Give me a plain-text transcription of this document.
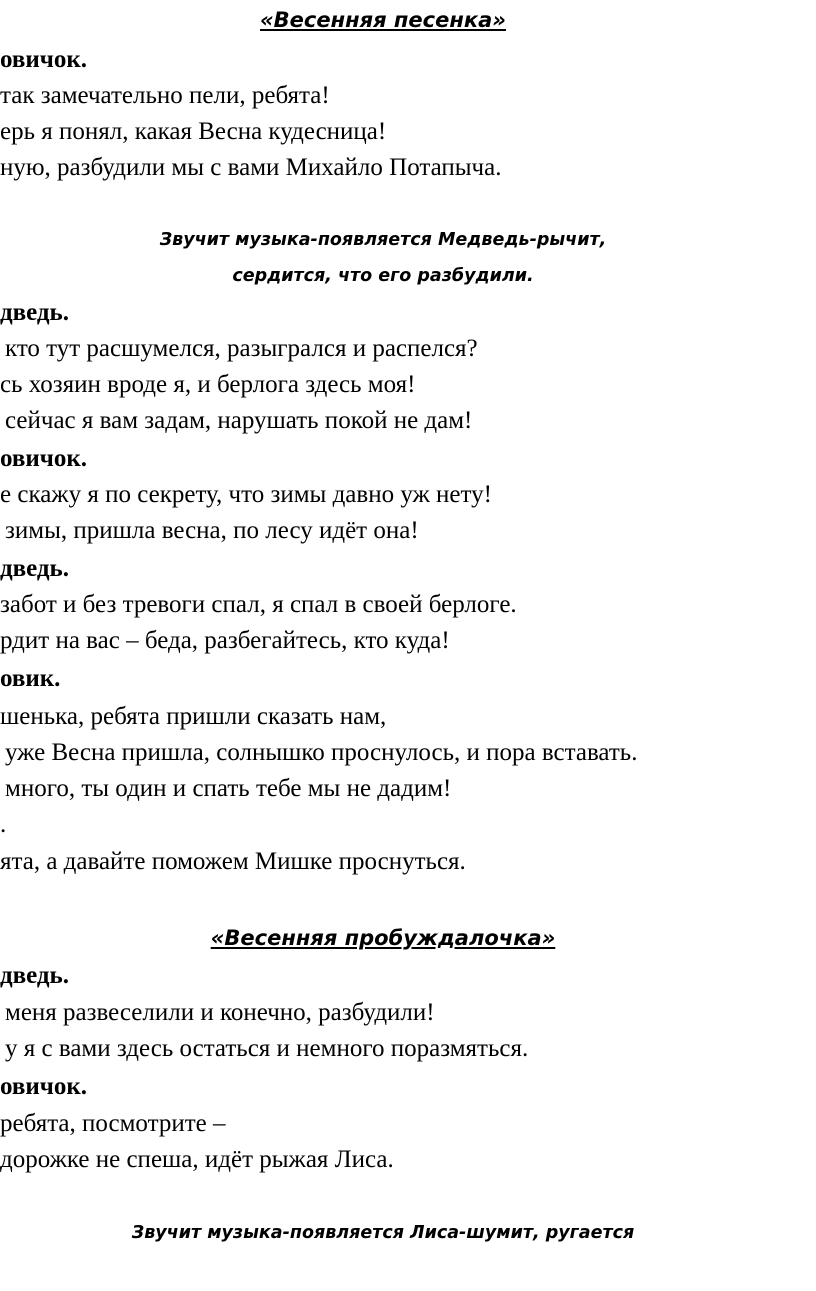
«Весенняя песенка»
овичок.
так замечательно пели, ребята!
ерь я понял, какая Весна кудесница!
ную, разбудили мы с вами Михайло Потапыча.
Звучит музыка-появляется Медведь-рычит,
сердится, что его разбудили.
дведь.
кто тут расшумелся, разыгрался и распелся?
сь хозяин вроде я, и берлога здесь моя!
сейчас я вам задам, нарушать покой не дам!
овичок.
е скажу я по секрету, что зимы давно уж нету!
зимы, пришла весна, по лесу идёт она!
дведь.
забот и без тревоги спал, я спал в своей берлоге.
рдит на вас – беда, разбегайтесь, кто куда!
овик.
шенька, ребята пришли сказать нам,
уже Весна пришла, солнышко проснулось, и пора вставать.
много, ты один и спать тебе мы не дадим!
.
ята, а давайте поможем Мишке проснуться.
«Весенняя пробуждалочка»
дведь.
меня развеселили и конечно, разбудили!
у я с вами здесь остаться и немного поразмяться.
овичок.
ребята, посмотрите –
дорожке не спеша, идёт рыжая Лиса.
Звучит музыка-появляется Лиса-шумит, ругается
